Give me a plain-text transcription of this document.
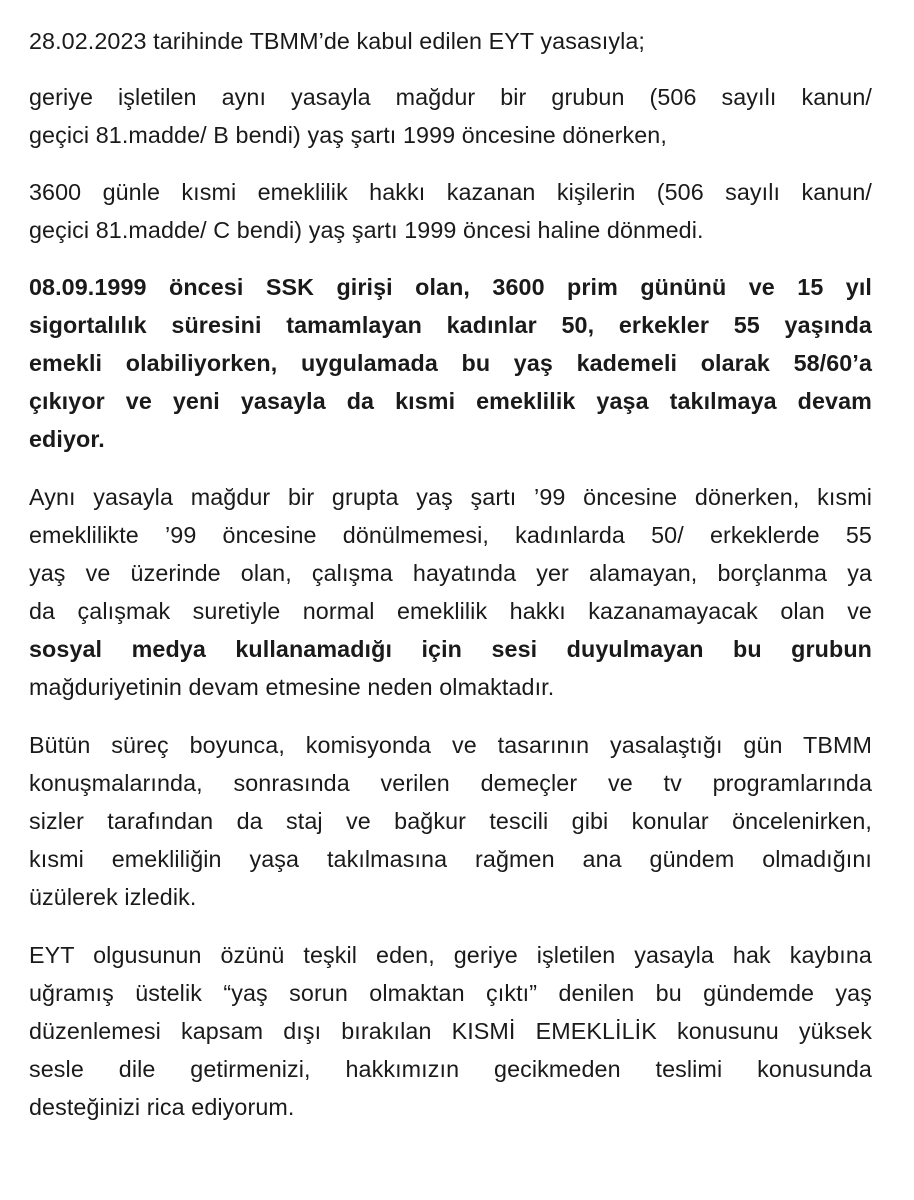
28.02.2023 tarihinde TBMM’de kabul edilen EYT yasasıyla;

geriye işletilen aynı yasayla mağdur bir grubun (506 sayılı kanun/
geçici 81.madde/ B bendi) yaş şartı 1999 öncesine dönerken,

3600 günle kısmi emeklilik hakkı kazanan kişilerin (506 sayılı kanun/
geçici 81.madde/ C bendi) yaş şartı 1999 öncesi haline dönmedi.

08.09.1999 öncesi SSK girişi olan, 3600 prim gününü ve 15 yıl
sigortalılık süresini tamamlayan kadınlar 50, erkekler 55 yaşında
emekli olabiliyorken, uygulamada bu yaş kademeli olarak 58/60’a
çıkıyor ve yeni yasayla da kısmi emeklilik yaşa takılmaya devam
ediyor.

Aynı yasayla mağdur bir grupta yaş şartı ’99 öncesine dönerken, kısmi
emeklilikte ’99 öncesine dönülmemesi, kadınlarda 50/ erkeklerde 55
yaş ve üzerinde olan, çalışma hayatında yer alamayan, borçlanma ya
da çalışmak suretiyle normal emeklilik hakkı kazanamayacak olan ve
sosyal medya kullanamadığı için sesi duyulmayan bu grubun
mağduriyetinin devam etmesine neden olmaktadır.

Bütün süreç boyunca, komisyonda ve tasarının yasalaştığı gün TBMM
konuşmalarında, sonrasında verilen demeçler ve tv programlarında
sizler tarafından da staj ve bağkur tescili gibi konular öncelenirken,
kısmi emekliliğin yaşa takılmasına rağmen ana gündem olmadığını
üzülerek izledik.

EYT olgusunun özünü teşkil eden, geriye işletilen yasayla hak kaybına
uğramış üstelik “yaş sorun olmaktan çıktı” denilen bu gündemde yaş
düzenlemesi kapsam dışı bırakılan KISMİ EMEKLİLİK konusunu yüksek
sesle dile getirmenizi, hakkımızın gecikmeden teslimi konusunda
desteğinizi rica ediyorum.
